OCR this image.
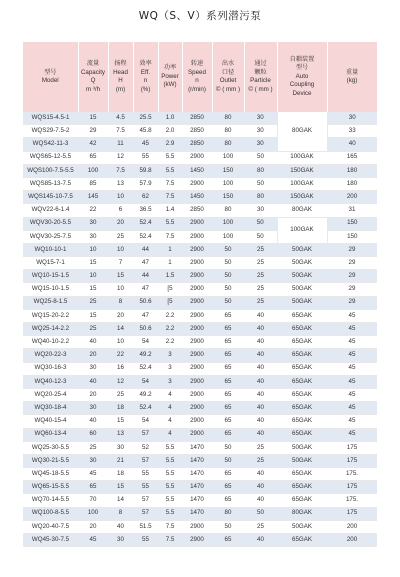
WQ（S、V）系列潜污泵
型号
Model	流量
Capacity
Q
m ³/h	扬程
Head
H
(m)	效率
Eff.
n
(%)	功率
Power
(kW)	转速
Speed
n
(r/min)	出水
口径
Outlet
© ( mm )	通过
颗粒
Particle
© ( mm )	自耦装置
型号
Auto
Coupling
Device	重量
(kg)

WQS15-4.5-1	15	4.5	25.5	1.0	2850	80	30	80GAK	30
WQS29-7.5-2	29	7.5	45.8	2.0	2850	80	30		33
WQS42-11-3	42	11	45	2.9	2850	80	30		40
WQS65-12-5.5	65	12	55	5.5	2900	100	50	100GAK	165
WQS100-7.5-5.5	100	7.5	59.8	5.5	1450	150	80	150GAK	180
WQS85-13-7.5	85	13	57.9	7.5	2900	100	50	100GAK	180
WQS145-10-7.5	145	10	62	7.5	1450	150	80	150GAK	200
WQV22-6-1.4	22	6	36.5	1.4	2850	80	30	80GAK	31
WQV30-20-5.5	30	20	52.4	5.5	2900	100	50	100GAK	150
WQV30-25-7.5	30	25	52.4	7.5	2900	100	50		150
WQ10-10-1	10	10	44	1	2900	50	25	50GAK	29
WQ15-7-1	15	7	47	1	2900	50	25	50GAK	29
WQ10-15-1.5	10	15	44	1.5	2900	50	25	50GAK	29
WQ15-10-1.5	15	10	47	[5	2900	50	25	50GAK	29
WQ25-8-1.5	25	8	50.6	[5	2900	50	25	50GAK	29
WQ15-20-2.2	15	20	47	2.2	2900	65	40	65GAK	45
WQ25-14-2.2	25	14	50.6	2.2	2900	65	40	65GAK	45
WQ40-10-2.2	40	10	54	2.2	2900	65	40	65GAK	45
WQ20-22-3	20	22	49.2	3	2900	65	40	65GAK	45
WQ30-16-3	30	16	52.4	3	2900	65	40	65GAK	45
WQ40-12-3	40	12	54	3	2900	65	40	65GAK	45
WQ20-25-4	20	25	49.2	4	2900	65	40	65GAK	45
WQ30-18-4	30	18	52.4	4	2900	65	40	65GAK	45
WQ40-15-4	40	15	54	4	2900	65	40	65GAK	45
WQ60-13-4	60	13	57	4	2900	65	40	65GAK	45
WQ25-30-5.5	25	30	52	5.5	1470	50	25	50GAK	175
WQ30-21-5.5	30	21	57	5.5	1470	50	25	50GAK	175
WQ45-18-5.5	45	18	55	5.5	1470	65	40	65GAK	175.
WQ65-15-5.5	65	15	55	5.5	1470	65	40	65GAK	175
WQ70-14-5.5	70	14	57	5.5	1470	65	40	65GAK	175.
WQ100-8-5.5	100	8	57	5.5	1470	80	50	80GAK	175
WQ20-40-7.5	20	40	51.5	7.5	2900	50	25	50GAK	200
WQ45-30-7.5	45	30	55	7.5	2900	65	40	65GAK	200
